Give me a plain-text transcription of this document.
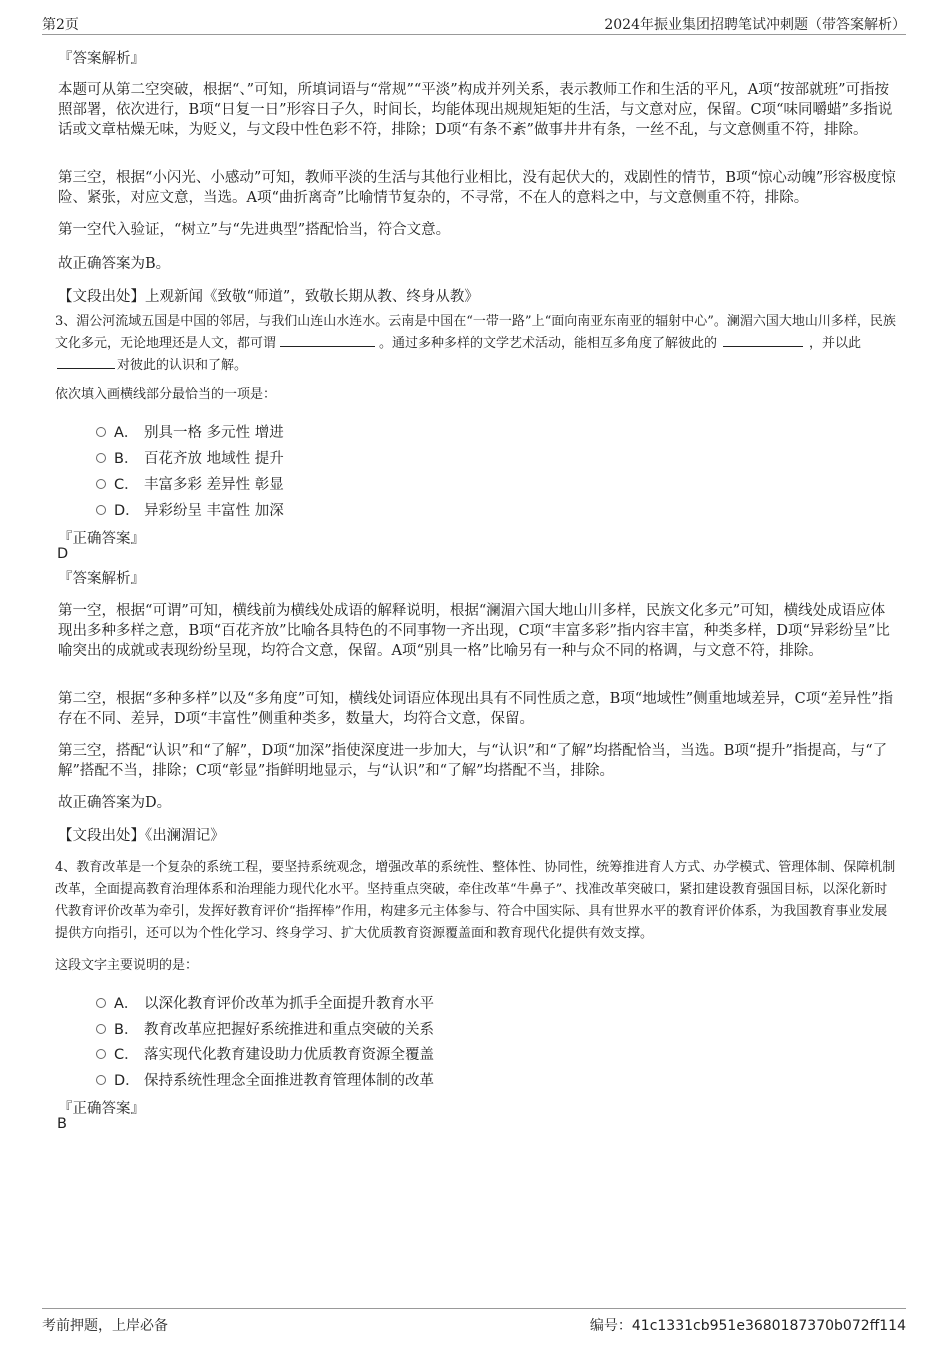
第2页	2024年振业集团招聘笔试冲刺题（带答案解析）
『答案解析』
本题可从第二空突破，根据“、”可知，所填词语与“常规”“平淡”构成并列关系，表示教师工作和生活的平凡，A项“按部就班”可指按照部署，依次进行，B项“日复一日”形容日子久，时间长，均能体现出规规矩矩的生活，与文意对应，保留。C项“味同嚼蜡”多指说话或文章枯燥无味，为贬义，与文段中性色彩不符，排除；D项“有条不紊”做事井井有条，一丝不乱，与文意侧重不符，排除。
第三空，根据“小闪光、小感动”可知，教师平淡的生活与其他行业相比，没有起伏大的，戏剧性的情节，B项“惊心动魄”形容极度惊险、紧张，对应文意，当选。A项“曲折离奇”比喻情节复杂的，不寻常，不在人的意料之中，与文意侧重不符，排除。
第一空代入验证，“树立”与“先进典型”搭配恰当，符合文意。
故正确答案为B。
【文段出处】上观新闻《致敬“师道”，致敬长期从教、终身从教》
3、湄公河流域五国是中国的邻居，与我们山连山水连水。云南是中国在“一带一路”上“面向南亚东南亚的辐射中心”。澜湄六国大地山川多样，民族文化多元，无论地理还是人文，都可谓	。通过多种多样的文学艺术活动，能相互多角度了解彼此的	，并以此对彼此的认识和了解。
依次填入画横线部分最恰当的一项是：
A． 别具一格 多元性 增进
B． 百花齐放 地域性 提升
C． 丰富多彩 差异性 彰显
D． 异彩纷呈 丰富性 加深
『正确答案』
D
『答案解析』
第一空，根据“可谓”可知，横线前为横线处成语的解释说明，根据“澜湄六国大地山川多样，民族文化多元”可知，横线处成语应体现出多种多样之意，B项“百花齐放”比喻各具特色的不同事物一齐出现，C项“丰富多彩”指内容丰富，种类多样，D项“异彩纷呈”比喻突出的成就或表现纷纷呈现，均符合文意，保留。A项“别具一格”比喻另有一种与众不同的格调，与文意不符，排除。
第二空，根据“多种多样”以及“多角度”可知，横线处词语应体现出具有不同性质之意，B项“地域性”侧重地域差异，C项“差异性”指存在不同、差异，D项“丰富性”侧重种类多，数量大，均符合文意，保留。
第三空，搭配“认识”和“了解”，D项“加深”指使深度进一步加大，与“认识”和“了解”均搭配恰当，当选。B项“提升”指提高，与“了解”搭配不当，排除；C项“彰显”指鲜明地显示，与“认识”和“了解”均搭配不当，排除。
故正确答案为D。
【文段出处】《出澜湄记》
4、教育改革是一个复杂的系统工程，要坚持系统观念，增强改革的系统性、整体性、协同性，统筹推进育人方式、办学模式、管理体制、保障机制改革，全面提高教育治理体系和治理能力现代化水平。坚持重点突破，牵住改革“牛鼻子”、找准改革突破口，紧扣建设教育强国目标，以深化新时代教育评价改革为牵引，发挥好教育评价“指挥棒”作用，构建多元主体参与、符合中国实际、具有世界水平的教育评价体系，为我国教育事业发展提供方向指引，还可以为个性化学习、终身学习、扩大优质教育资源覆盖面和教育现代化提供有效支撑。
这段文字主要说明的是：
A． 以深化教育评价改革为抓手全面提升教育水平
B． 教育改革应把握好系统推进和重点突破的关系
C． 落实现代化教育建设助力优质教育资源全覆盖
D． 保持系统性理念全面推进教育管理体制的改革
『正确答案』
B
考前押题，上岸必备	编号：41c1331cb951e3680187370b072ff114
